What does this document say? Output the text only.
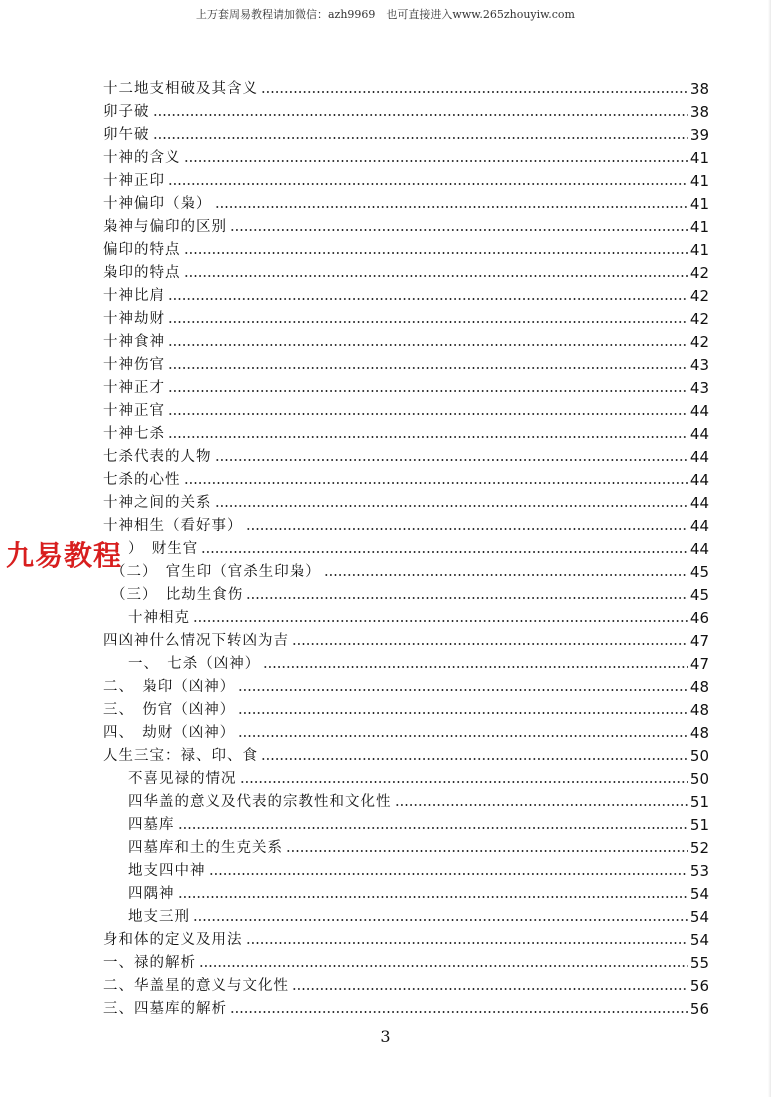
上万套周易教程请加微信：azh9969　也可直接进入www.265zhouyiw.com
十二地支相破及其含义	38
卯子破	38
卯午破	39
十神的含义	41
十神正印	41
十神偏印（枭）	41
枭神与偏印的区别	41
偏印的特点	41
枭印的特点	42
十神比肩	42
十神劫财	42
十神食神	42
十神伤官	43
十神正才	43
十神正官	44
十神七杀	44
七杀代表的人物	44
七杀的心性	44
十神之间的关系	44
十神相生（看好事）	44
）　财生官	44
（二）　官生印（官杀生印枭）	45
（三）　比劫生食伤	45
十神相克	46
四凶神什么情况下转凶为吉	47
一、　七杀（凶神）	47
二、　枭印（凶神）	48
三、　伤官（凶神）	48
四、　劫财（凶神）	48
人生三宝：禄、印、食	50
不喜见禄的情况	50
四华盖的意义及代表的宗教性和文化性	51
四墓库	51
四墓库和土的生克关系	52
地支四中神	53
四隅神	54
地支三刑	54
身和体的定义及用法	54
一、禄的解析	55
二、华盖星的意义与文化性	56
三、四墓库的解析	56
九易教程
3
